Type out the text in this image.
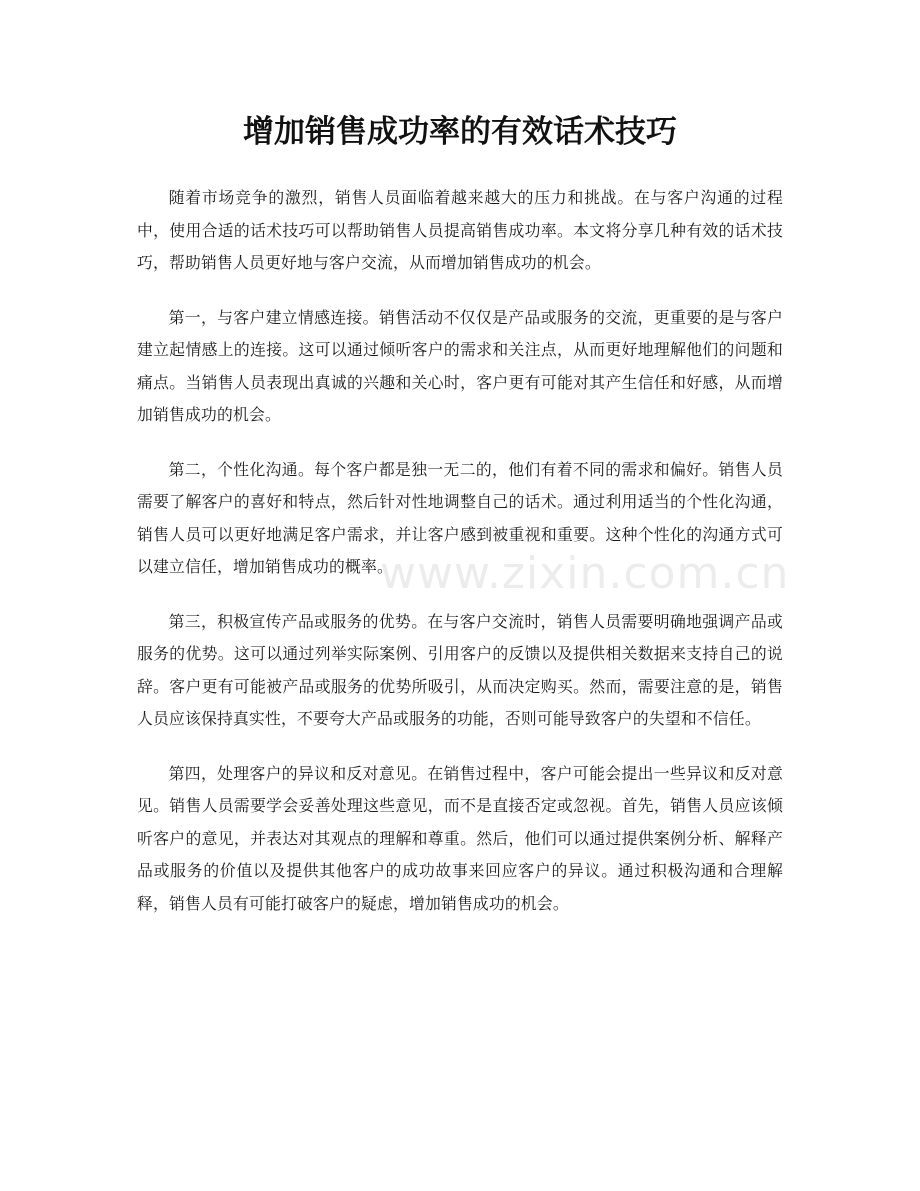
增加销售成功率的有效话术技巧

随着市场竞争的激烈，销售人员面临着越来越大的压力和挑战。在与客户沟通的过程中，使用合适的话术技巧可以帮助销售人员提高销售成功率。本文将分享几种有效的话术技巧，帮助销售人员更好地与客户交流，从而增加销售成功的机会。

第一，与客户建立情感连接。销售活动不仅仅是产品或服务的交流，更重要的是与客户建立起情感上的连接。这可以通过倾听客户的需求和关注点，从而更好地理解他们的问题和痛点。当销售人员表现出真诚的兴趣和关心时，客户更有可能对其产生信任和好感，从而增加销售成功的机会。

第二，个性化沟通。每个客户都是独一无二的，他们有着不同的需求和偏好。销售人员需要了解客户的喜好和特点，然后针对性地调整自己的话术。通过利用适当的个性化沟通，销售人员可以更好地满足客户需求，并让客户感到被重视和重要。这种个性化的沟通方式可以建立信任，增加销售成功的概率。

第三，积极宣传产品或服务的优势。在与客户交流时，销售人员需要明确地强调产品或服务的优势。这可以通过列举实际案例、引用客户的反馈以及提供相关数据来支持自己的说辞。客户更有可能被产品或服务的优势所吸引，从而决定购买。然而，需要注意的是，销售人员应该保持真实性，不要夸大产品或服务的功能，否则可能导致客户的失望和不信任。

第四，处理客户的异议和反对意见。在销售过程中，客户可能会提出一些异议和反对意见。销售人员需要学会妥善处理这些意见，而不是直接否定或忽视。首先，销售人员应该倾听客户的意见，并表达对其观点的理解和尊重。然后，他们可以通过提供案例分析、解释产品或服务的价值以及提供其他客户的成功故事来回应客户的异议。通过积极沟通和合理解释，销售人员有可能打破客户的疑虑，增加销售成功的机会。

www.zixin.com.cn
